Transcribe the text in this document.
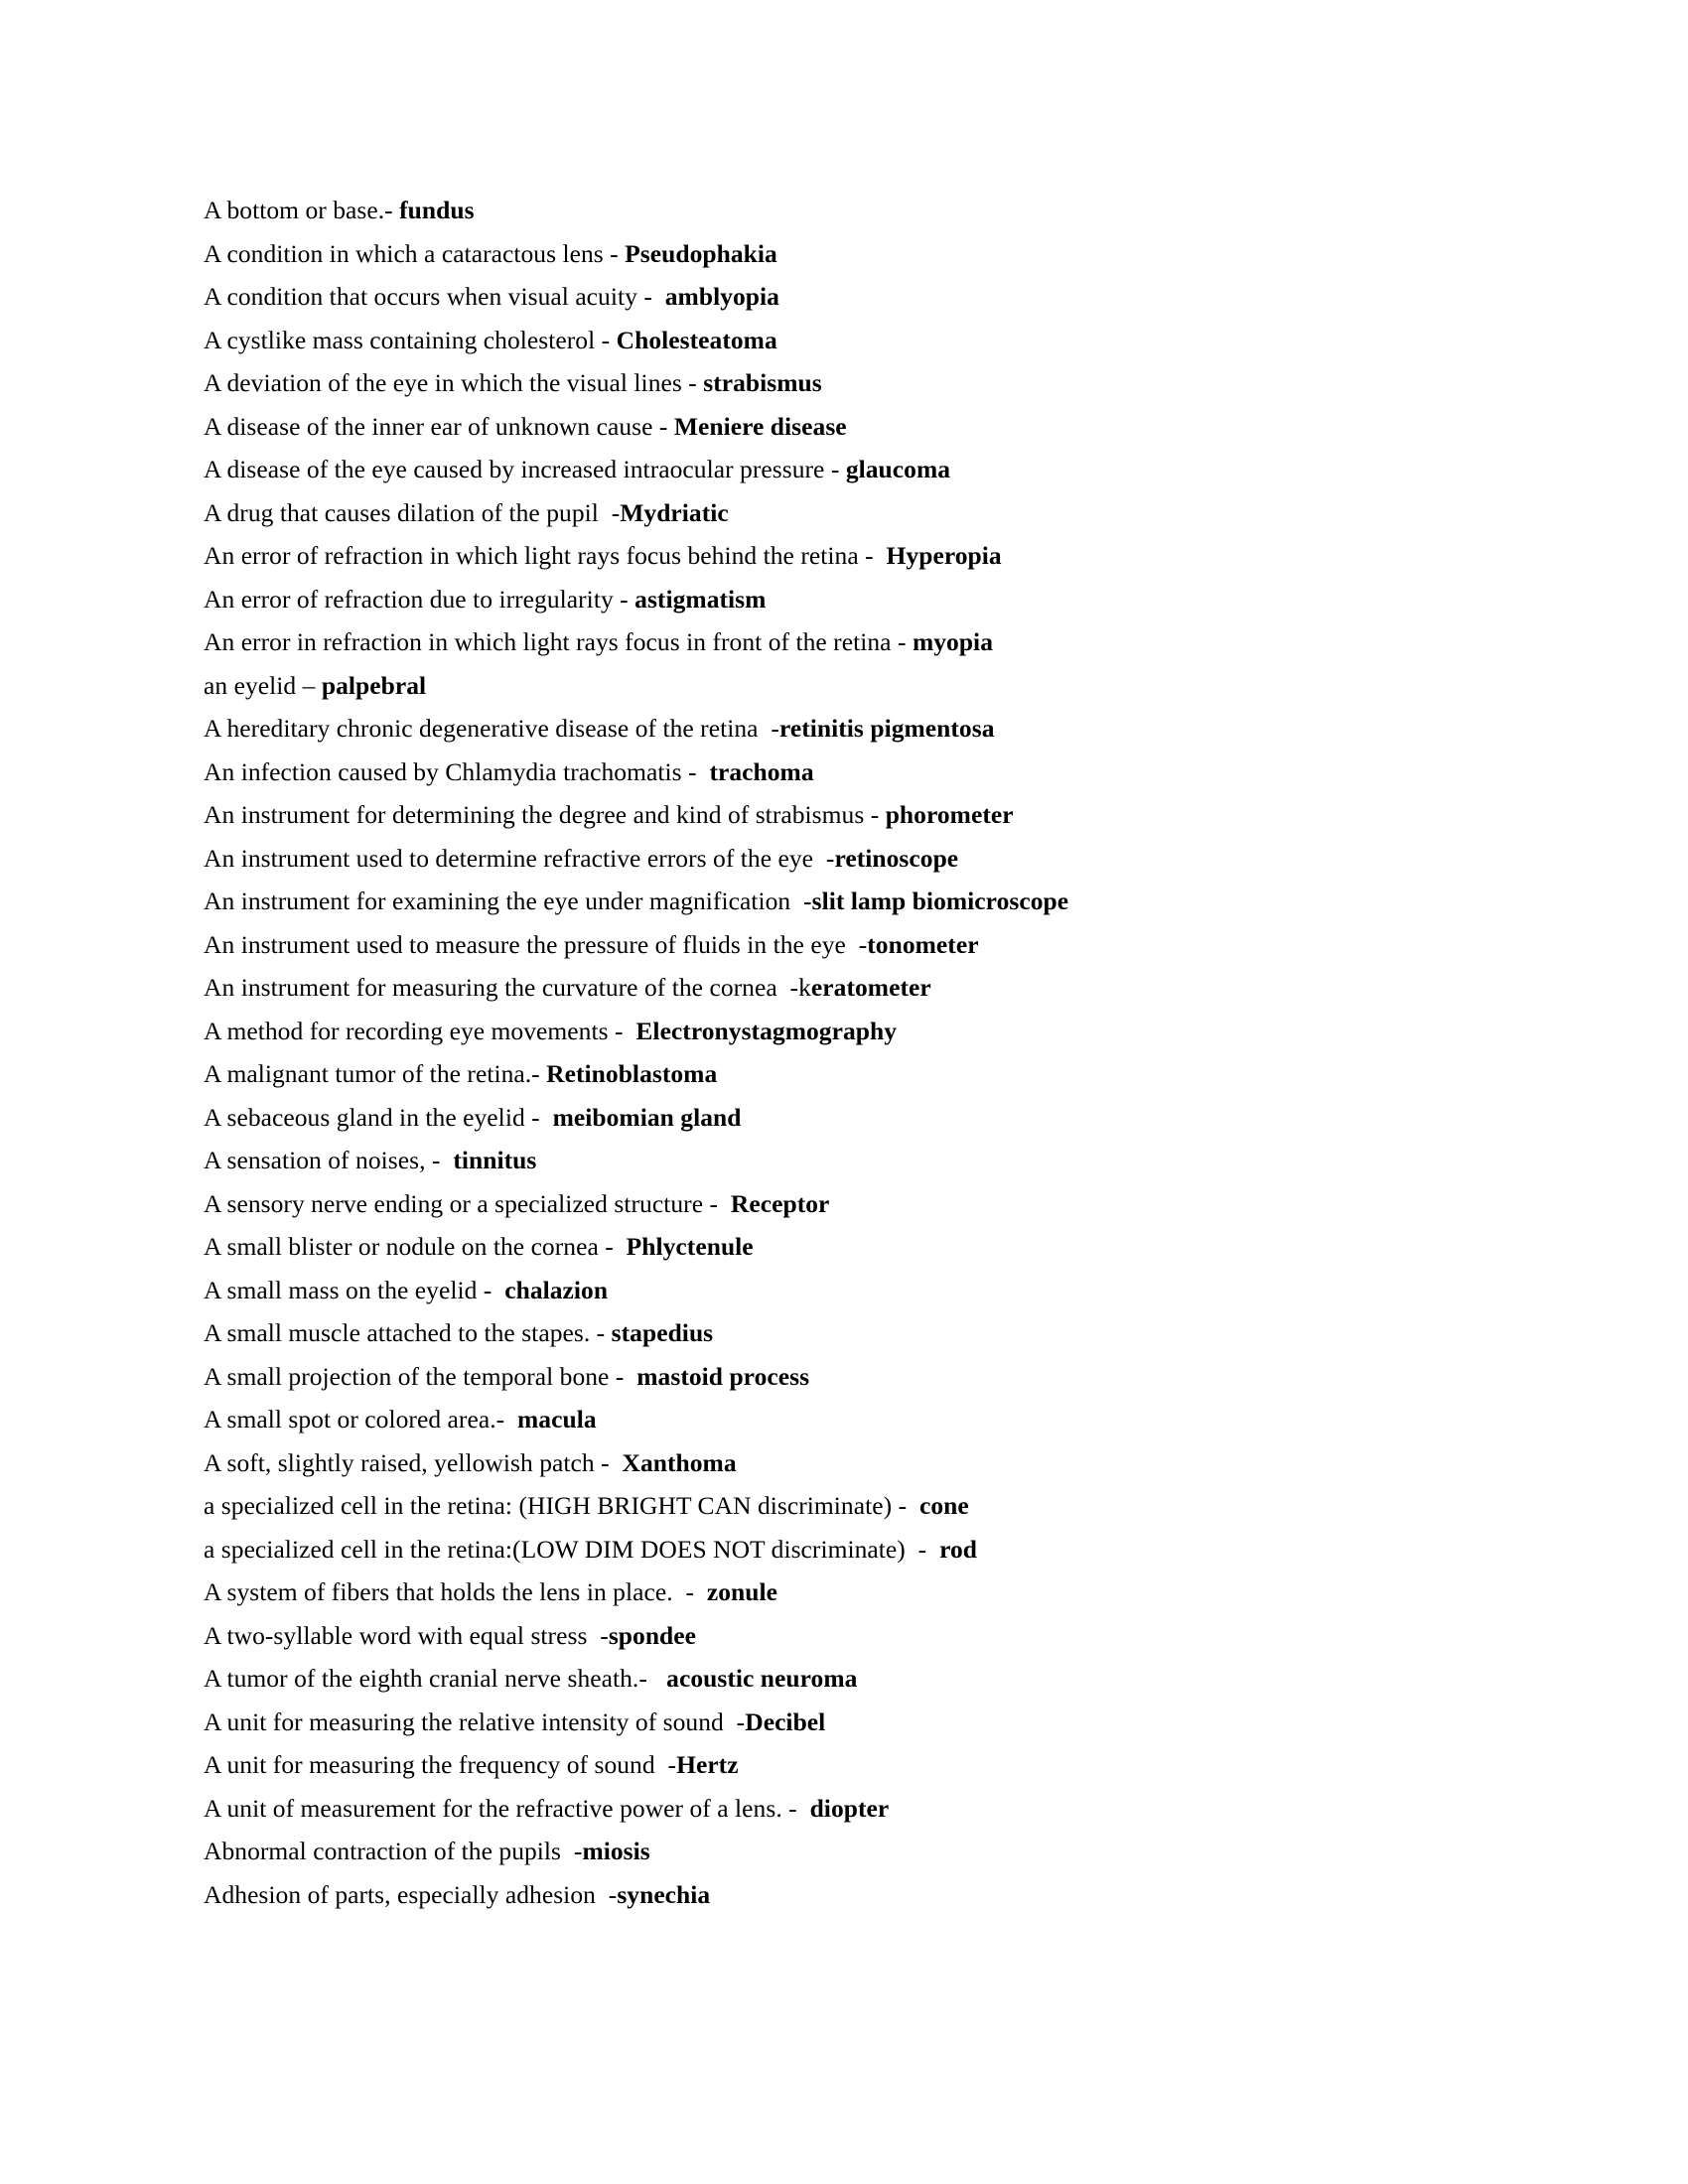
A bottom or base.- fundus
A condition in which a cataractous lens - Pseudophakia
A condition that occurs when visual acuity -  amblyopia
A cystlike mass containing cholesterol - Cholesteatoma
A deviation of the eye in which the visual lines - strabismus
A disease of the inner ear of unknown cause - Meniere disease
A disease of the eye caused by increased intraocular pressure - glaucoma
A drug that causes dilation of the pupil  -Mydriatic
An error of refraction in which light rays focus behind the retina -  Hyperopia
An error of refraction due to irregularity - astigmatism
An error in refraction in which light rays focus in front of the retina - myopia
an eyelid – palpebral
A hereditary chronic degenerative disease of the retina  -retinitis pigmentosa
An infection caused by Chlamydia trachomatis -  trachoma
An instrument for determining the degree and kind of strabismus - phorometer
An instrument used to determine refractive errors of the eye  -retinoscope
An instrument for examining the eye under magnification  -slit lamp biomicroscope
An instrument used to measure the pressure of fluids in the eye  -tonometer
An instrument for measuring the curvature of the cornea  -keratometer
A method for recording eye movements -  Electronystagmography
A malignant tumor of the retina.- Retinoblastoma
A sebaceous gland in the eyelid -  meibomian gland
A sensation of noises, -  tinnitus
A sensory nerve ending or a specialized structure -  Receptor
A small blister or nodule on the cornea -  Phlyctenule
A small mass on the eyelid -  chalazion
A small muscle attached to the stapes. - stapedius
A small projection of the temporal bone -  mastoid process
A small spot or colored area.-  macula
A soft, slightly raised, yellowish patch -  Xanthoma
a specialized cell in the retina: (HIGH BRIGHT CAN discriminate) -  cone
a specialized cell in the retina:(LOW DIM DOES NOT discriminate)  -  rod
A system of fibers that holds the lens in place.  -  zonule
A two-syllable word with equal stress  -spondee
A tumor of the eighth cranial nerve sheath.-   acoustic neuroma
A unit for measuring the relative intensity of sound  -Decibel
A unit for measuring the frequency of sound  -Hertz
A unit of measurement for the refractive power of a lens. -  diopter
Abnormal contraction of the pupils  -miosis
Adhesion of parts, especially adhesion  -synechia
